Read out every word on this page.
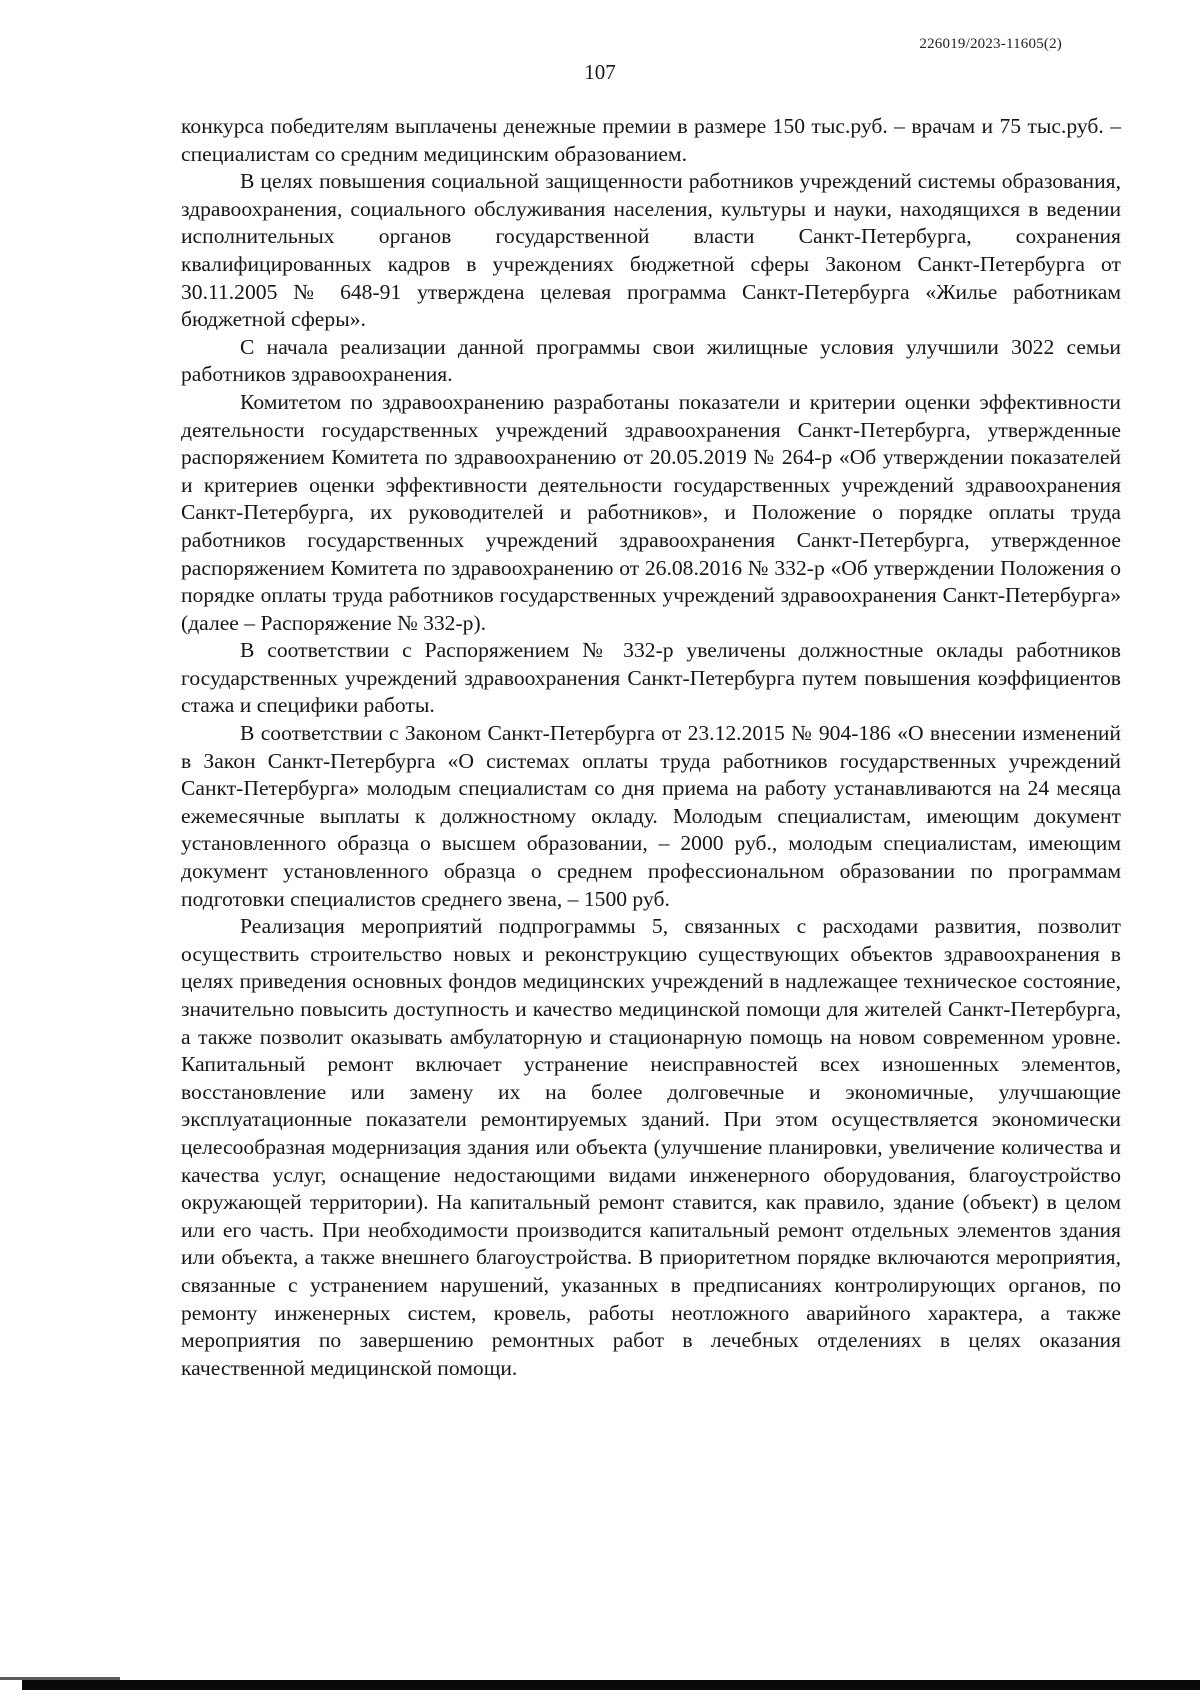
226019/2023-11605(2)
107

конкурса победителям выплачены денежные премии в размере 150 тыс.руб. – врачам и 75 тыс.руб. – специалистам со средним медицинским образованием.

В целях повышения социальной защищенности работников учреждений системы образования, здравоохранения, социального обслуживания населения, культуры и науки, находящихся в ведении исполнительных органов государственной власти Санкт-Петербурга, сохранения квалифицированных кадров в учреждениях бюджетной сферы Законом Санкт-Петербурга от 30.11.2005 № 648-91 утверждена целевая программа Санкт-Петербурга «Жилье работникам бюджетной сферы».

С начала реализации данной программы свои жилищные условия улучшили 3022 семьи работников здравоохранения.

Комитетом по здравоохранению разработаны показатели и критерии оценки эффективности деятельности государственных учреждений здравоохранения Санкт-Петербурга, утвержденные распоряжением Комитета по здравоохранению от 20.05.2019 № 264-р «Об утверждении показателей и критериев оценки эффективности деятельности государственных учреждений здравоохранения Санкт-Петербурга, их руководителей и работников», и Положение о порядке оплаты труда работников государственных учреждений здравоохранения Санкт-Петербурга, утвержденное распоряжением Комитета по здравоохранению от 26.08.2016 № 332-р «Об утверждении Положения о порядке оплаты труда работников государственных учреждений здравоохранения Санкт-Петербурга» (далее – Распоряжение № 332-р).

В соответствии с Распоряжением № 332-р увеличены должностные оклады работников государственных учреждений здравоохранения Санкт-Петербурга путем повышения коэффициентов стажа и специфики работы.

В соответствии с Законом Санкт-Петербурга от 23.12.2015 № 904-186 «О внесении изменений в Закон Санкт-Петербурга «О системах оплаты труда работников государственных учреждений Санкт-Петербурга» молодым специалистам со дня приема на работу устанавливаются на 24 месяца ежемесячные выплаты к должностному окладу. Молодым специалистам, имеющим документ установленного образца о высшем образовании, – 2000 руб., молодым специалистам, имеющим документ установленного образца о среднем профессиональном образовании по программам подготовки специалистов среднего звена, – 1500 руб.

Реализация мероприятий подпрограммы 5, связанных с расходами развития, позволит осуществить строительство новых и реконструкцию существующих объектов здравоохранения в целях приведения основных фондов медицинских учреждений в надлежащее техническое состояние, значительно повысить доступность и качество медицинской помощи для жителей Санкт-Петербурга, а также позволит оказывать амбулаторную и стационарную помощь на новом современном уровне. Капитальный ремонт включает устранение неисправностей всех изношенных элементов, восстановление или замену их на более долговечные и экономичные, улучшающие эксплуатационные показатели ремонтируемых зданий. При этом осуществляется экономически целесообразная модернизация здания или объекта (улучшение планировки, увеличение количества и качества услуг, оснащение недостающими видами инженерного оборудования, благоустройство окружающей территории). На капитальный ремонт ставится, как правило, здание (объект) в целом или его часть. При необходимости производится капитальный ремонт отдельных элементов здания или объекта, а также внешнего благоустройства. В приоритетном порядке включаются мероприятия, связанные с устранением нарушений, указанных в предписаниях контролирующих органов, по ремонту инженерных систем, кровель, работы неотложного аварийного характера, а также мероприятия по завершению ремонтных работ в лечебных отделениях в целях оказания качественной медицинской помощи.
